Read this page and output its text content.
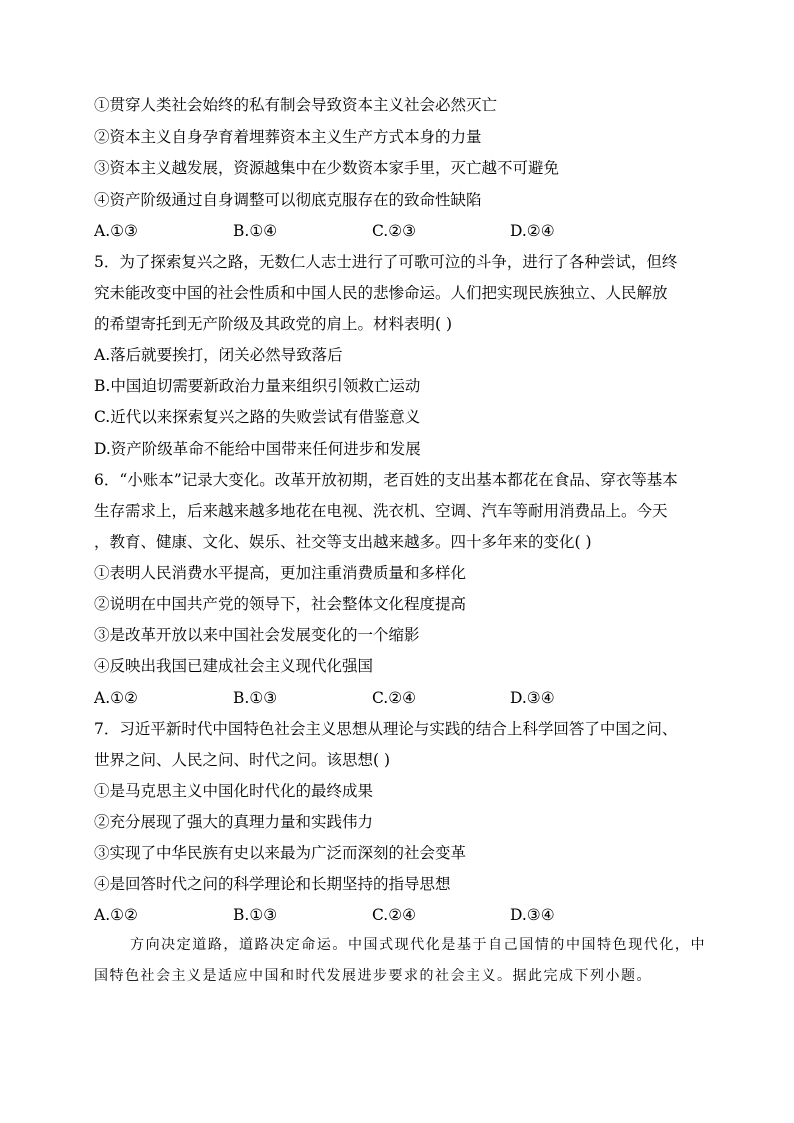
①贯穿人类社会始终的私有制会导致资本主义社会必然灭亡
②资本主义自身孕育着埋葬资本主义生产方式本身的力量
③资本主义越发展，资源越集中在少数资本家手里，灭亡越不可避免
④资产阶级通过自身调整可以彻底克服存在的致命性缺陷
A.①③	B.①④	C.②③	D.②④
5．为了探索复兴之路，无数仁人志士进行了可歌可泣的斗争，进行了各种尝试，但终
究未能改变中国的社会性质和中国人民的悲惨命运。人们把实现民族独立、人民解放
的希望寄托到无产阶级及其政党的肩上。材料表明( )
A.落后就要挨打，闭关必然导致落后
B.中国迫切需要新政治力量来组织引领救亡运动
C.近代以来探索复兴之路的失败尝试有借鉴意义
D.资产阶级革命不能给中国带来任何进步和发展
6．“小账本”记录大变化。改革开放初期，老百姓的支出基本都花在食品、穿衣等基本
生存需求上，后来越来越多地花在电视、洗衣机、空调、汽车等耐用消费品上。今天
，教育、健康、文化、娱乐、社交等支出越来越多。四十多年来的变化( )
①表明人民消费水平提高，更加注重消费质量和多样化
②说明在中国共产党的领导下，社会整体文化程度提高
③是改革开放以来中国社会发展变化的一个缩影
④反映出我国已建成社会主义现代化强国
A.①②	B.①③	C.②④	D.③④
7．习近平新时代中国特色社会主义思想从理论与实践的结合上科学回答了中国之问、
世界之问、人民之问、时代之问。该思想( )
①是马克思主义中国化时代化的最终成果
②充分展现了强大的真理力量和实践伟力
③实现了中华民族有史以来最为广泛而深刻的社会变革
④是回答时代之问的科学理论和长期坚持的指导思想
A.①②	B.①③	C.②④	D.③④
方向决定道路，道路决定命运。中国式现代化是基于自己国情的中国特色现代化，中国特色社会主义是适应中国和时代发展进步要求的社会主义。据此完成下列小题。
